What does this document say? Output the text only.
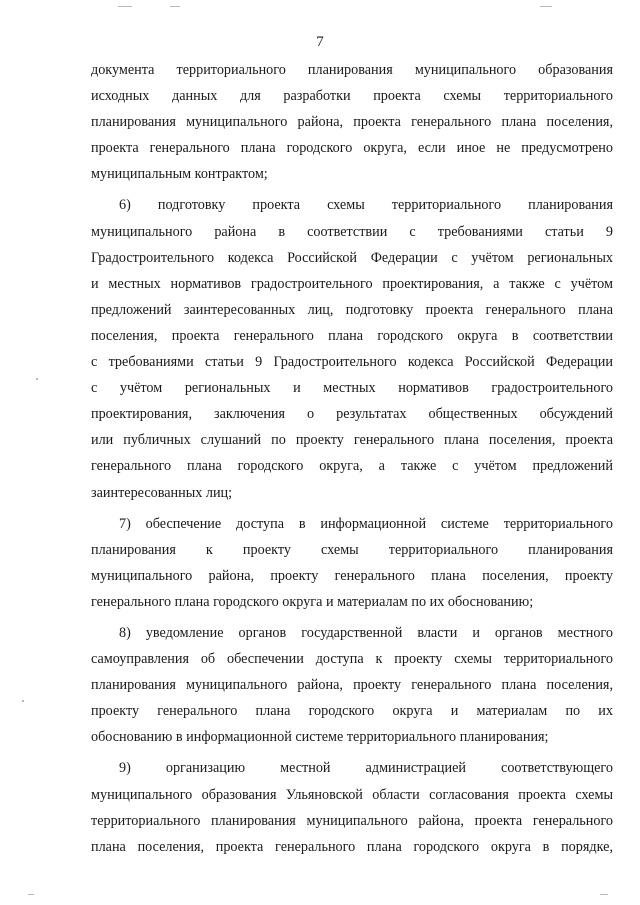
7
документа территориального планирования муниципального образования
исходных данных для разработки проекта схемы территориального
планирования муниципального района, проекта генерального плана поселения,
проекта генерального плана городского округа, если иное не предусмотрено
муниципальным контрактом;
6) подготовку проекта схемы территориального планирования
муниципального района в соответствии с требованиями статьи 9
Градостроительного кодекса Российской Федерации с учётом региональных
и местных нормативов градостроительного проектирования, а также с учётом
предложений заинтересованных лиц, подготовку проекта генерального плана
поселения, проекта генерального плана городского округа в соответствии
с требованиями статьи 9 Градостроительного кодекса Российской Федерации
с учётом региональных и местных нормативов градостроительного
проектирования, заключения о результатах общественных обсуждений
или публичных слушаний по проекту генерального плана поселения, проекта
генерального плана городского округа, а также с учётом предложений
заинтересованных лиц;
7) обеспечение доступа в информационной системе территориального
планирования к проекту схемы территориального планирования
муниципального района, проекту генерального плана поселения, проекту
генерального плана городского округа и материалам по их обоснованию;
8) уведомление органов государственной власти и органов местного
самоуправления об обеспечении доступа к проекту схемы территориального
планирования муниципального района, проекту генерального плана поселения,
проекту генерального плана городского округа и материалам по их
обоснованию в информационной системе территориального планирования;
9) организацию местной администрацией соответствующего
муниципального образования Ульяновской области согласования проекта схемы
территориального планирования муниципального района, проекта генерального
плана поселения, проекта генерального плана городского округа в порядке,
